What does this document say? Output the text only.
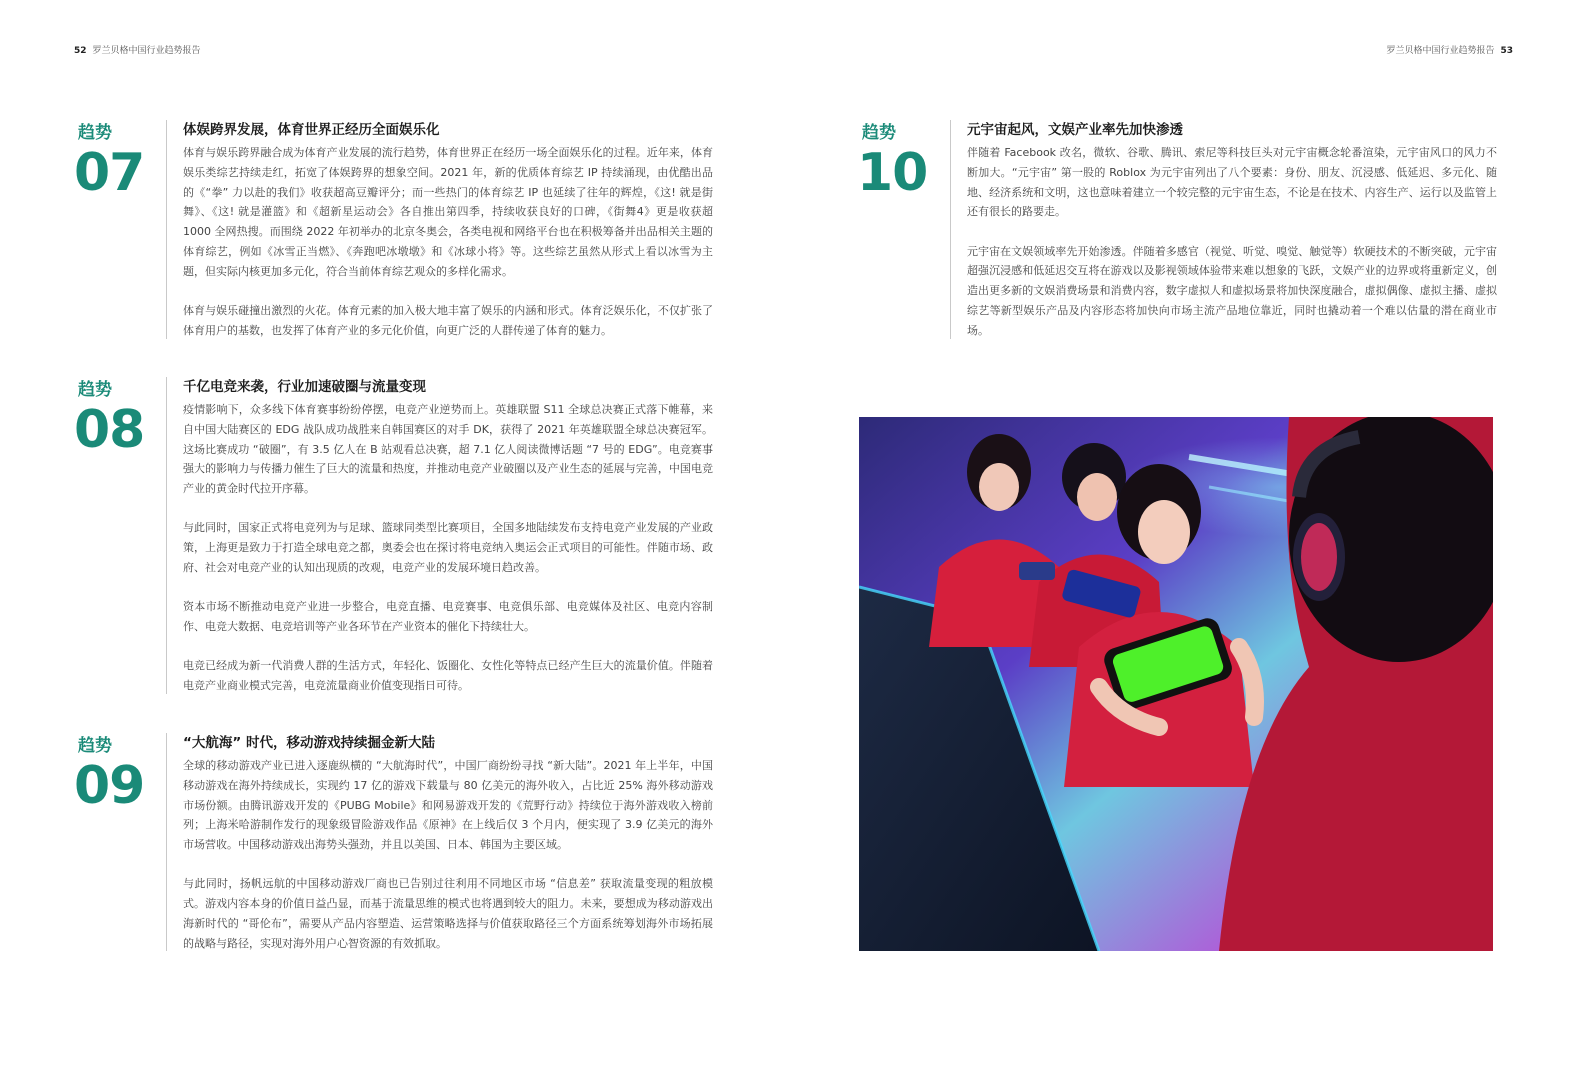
52 罗兰贝格中国行业趋势报告	罗兰贝格中国行业趋势报告 53
趋势
07
体娱跨界发展，体育世界正经历全面娱乐化

体育与娱乐跨界融合成为体育产业发展的流行趋势，体育世界正在经历一场全面娱乐化的过程。近年来，体育娱乐类综艺持续走红，拓宽了体娱跨界的想象空间。2021 年，新的优质体育综艺 IP 持续涌现，由优酷出品的《“拳” 力以赴的我们》收获超高豆瓣评分；而一些热门的体育综艺 IP 也延续了往年的辉煌，《这! 就是街舞》、《这! 就是灌篮》和《超新星运动会》各自推出第四季，持续收获良好的口碑，《街舞4》更是收获超 1000 全网热搜。而围绕 2022 年初举办的北京冬奥会，各类电视和网络平台也在积极筹备并出品相关主题的体育综艺，例如《冰雪正当燃》、《奔跑吧冰墩墩》和《冰球小将》等。这些综艺虽然从形式上看以冰雪为主题，但实际内核更加多元化，符合当前体育综艺观众的多样化需求。

体育与娱乐碰撞出激烈的火花。体育元素的加入极大地丰富了娱乐的内涵和形式。体育泛娱乐化，不仅扩张了体育用户的基数，也发挥了体育产业的多元化价值，向更广泛的人群传递了体育的魅力。

趋势
08
千亿电竞来袭，行业加速破圈与流量变现

疫情影响下，众多线下体育赛事纷纷停摆，电竞产业逆势而上。英雄联盟 S11 全球总决赛正式落下帷幕，来自中国大陆赛区的 EDG 战队成功战胜来自韩国赛区的对手 DK，获得了 2021 年英雄联盟全球总决赛冠军。这场比赛成功 “破圈”，有 3.5 亿人在 B 站观看总决赛，超 7.1 亿人阅读微博话题 “7 号的 EDG”。电竞赛事强大的影响力与传播力催生了巨大的流量和热度，并推动电竞产业破圈以及产业生态的延展与完善，中国电竞产业的黄金时代拉开序幕。

与此同时，国家正式将电竞列为与足球、篮球同类型比赛项目，全国多地陆续发布支持电竞产业发展的产业政策，上海更是致力于打造全球电竞之都，奥委会也在探讨将电竞纳入奥运会正式项目的可能性。伴随市场、政府、社会对电竞产业的认知出现质的改观，电竞产业的发展环境日趋改善。

资本市场不断推动电竞产业进一步整合，电竞直播、电竞赛事、电竞俱乐部、电竞媒体及社区、电竞内容制作、电竞大数据、电竞培训等产业各环节在产业资本的催化下持续壮大。

电竞已经成为新一代消费人群的生活方式，年轻化、饭圈化、女性化等特点已经产生巨大的流量价值。伴随着电竞产业商业模式完善，电竞流量商业价值变现指日可待。

趋势
09
“大航海” 时代，移动游戏持续掘金新大陆

全球的移动游戏产业已进入逐鹿纵横的 “大航海时代”，中国厂商纷纷寻找 “新大陆”。2021 年上半年，中国移动游戏在海外持续成长，实现约 17 亿的游戏下载量与 80 亿美元的海外收入，占比近 25% 海外移动游戏市场份额。由腾讯游戏开发的《PUBG Mobile》和网易游戏开发的《荒野行动》持续位于海外游戏收入榜前列；上海米哈游制作发行的现象级冒险游戏作品《原神》在上线后仅 3 个月内，便实现了 3.9 亿美元的海外市场营收。中国移动游戏出海势头强劲，并且以美国、日本、韩国为主要区域。

与此同时，扬帆远航的中国移动游戏厂商也已告别过往利用不同地区市场 “信息差” 获取流量变现的粗放模式。游戏内容本身的价值日益凸显，而基于流量思维的模式也将遇到较大的阻力。未来，要想成为移动游戏出海新时代的 “哥伦布”，需要从产品内容塑造、运营策略选择与价值获取路径三个方面系统筹划海外市场拓展的战略与路径，实现对海外用户心智资源的有效抓取。

趋势
10
元宇宙起风，文娱产业率先加快渗透

伴随着 Facebook 改名，微软、谷歌、腾讯、索尼等科技巨头对元宇宙概念轮番渲染，元宇宙风口的风力不断加大。“元宇宙” 第一股的 Roblox 为元宇宙列出了八个要素：身份、朋友、沉浸感、低延迟、多元化、随地、经济系统和文明，这也意味着建立一个较完整的元宇宙生态，不论是在技术、内容生产、运行以及监管上还有很长的路要走。

元宇宙在文娱领域率先开始渗透。伴随着多感官（视觉、听觉、嗅觉、触觉等）软硬技术的不断突破，元宇宙超强沉浸感和低延迟交互将在游戏以及影视领域体验带来难以想象的飞跃，文娱产业的边界或将重新定义，创造出更多新的文娱消费场景和消费内容，数字虚拟人和虚拟场景将加快深度融合，虚拟偶像、虚拟主播、虚拟综艺等新型娱乐产品及内容形态将加快向市场主流产品地位靠近，同时也撬动着一个难以估量的潜在商业市场。
